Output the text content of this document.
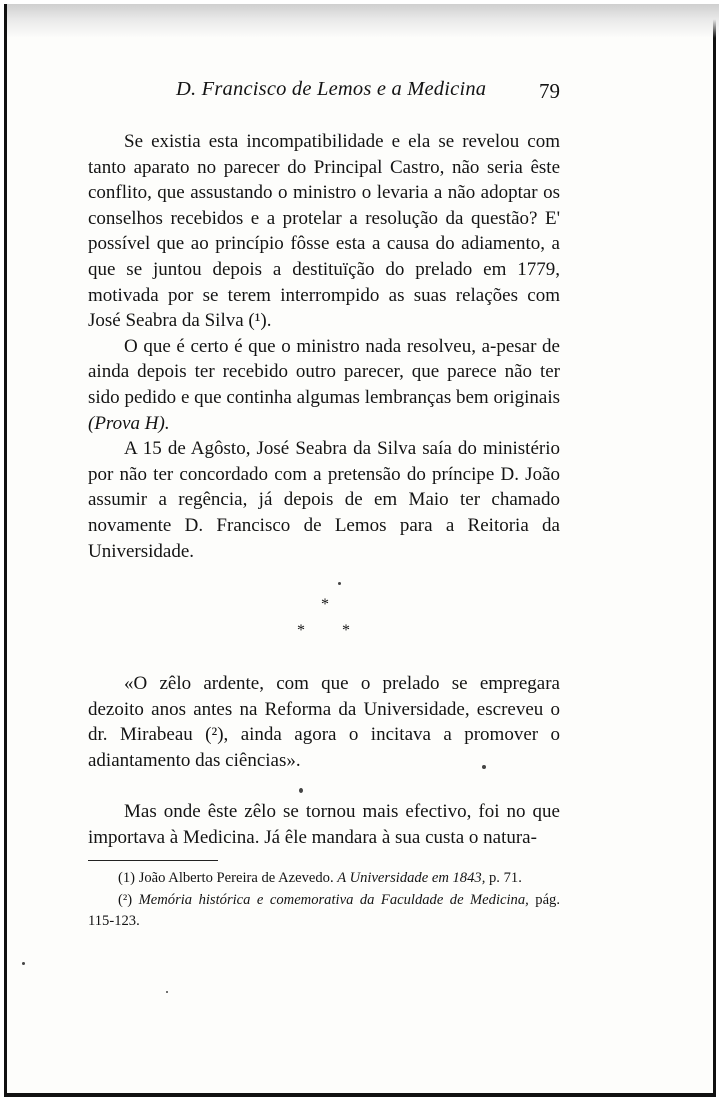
D. Francisco de Lemos e a Medicina	79

Se existia esta incompatibilidade e ela se revelou com tanto aparato no parecer do Principal Castro, não seria êste conflito, que assustando o ministro o levaria a não adoptar os conselhos recebidos e a protelar a resolução da questão? E' possível que ao princípio fôsse esta a causa do adiamento, a que se juntou depois a destituïção do prelado em 1779, motivada por se terem interrompido as suas relações com José Seabra da Silva (¹).

O que é certo é que o ministro nada resolveu, a-pesar de ainda depois ter recebido outro parecer, que parece não ter sido pedido e que continha algumas lembranças bem originais (Prova H).

A 15 de Agôsto, José Seabra da Silva saía do ministério por não ter concordado com a pretensão do príncipe D. João assumir a regência, já depois de em Maio ter chamado novamente D. Francisco de Lemos para a Reitoria da Universidade.

*
* *

«O zêlo ardente, com que o prelado se empregara dezoito anos antes na Reforma da Universidade, escreveu o dr. Mirabeau (²), ainda agora o incitava a promover o adiantamento das ciências».

Mas onde êste zêlo se tornou mais efectivo, foi no que importava à Medicina. Já êle mandara à sua custa o natura-

(1) João Alberto Pereira de Azevedo. A Universidade em 1843, p. 71.

(²) Memória histórica e comemorativa da Faculdade de Medicina, pág. 115-123.
